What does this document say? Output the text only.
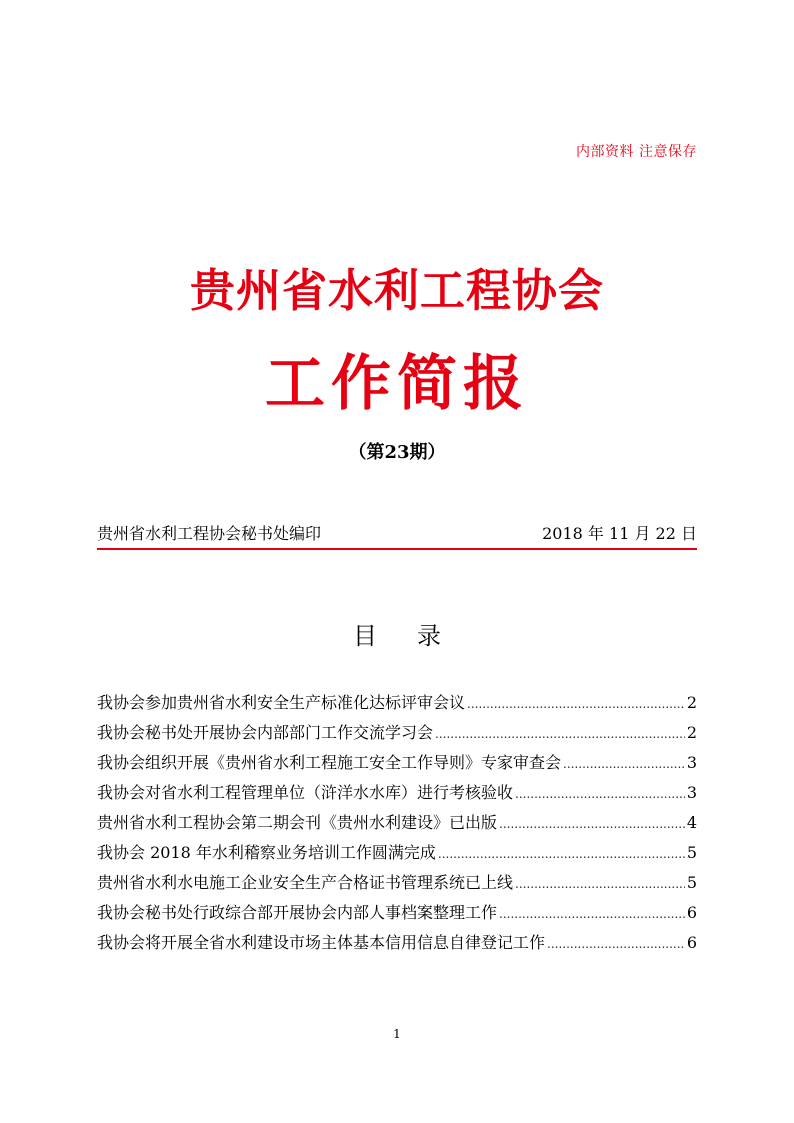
内部资料 注意保存
贵州省水利工程协会
工作简报
（第23期）
贵州省水利工程协会秘书处编印	2018 年 11 月 22 日
目录
我协会参加贵州省水利安全生产标准化达标评审会议 .....	2
我协会秘书处开展协会内部部门工作交流学习会 .....	2
我协会组织开展《贵州省水利工程施工安全工作导则》专家审查会 .....	3
我协会对省水利工程管理单位（浒洋水水库）进行考核验收 .....	3
贵州省水利工程协会第二期会刊《贵州水利建设》已出版 .....	4
我协会 2018 年水利稽察业务培训工作圆满完成 .....	5
贵州省水利水电施工企业安全生产合格证书管理系统已上线 .....	5
我协会秘书处行政综合部开展协会内部人事档案整理工作 .....	6
我协会将开展全省水利建设市场主体基本信用信息自律登记工作 .....	6
1
